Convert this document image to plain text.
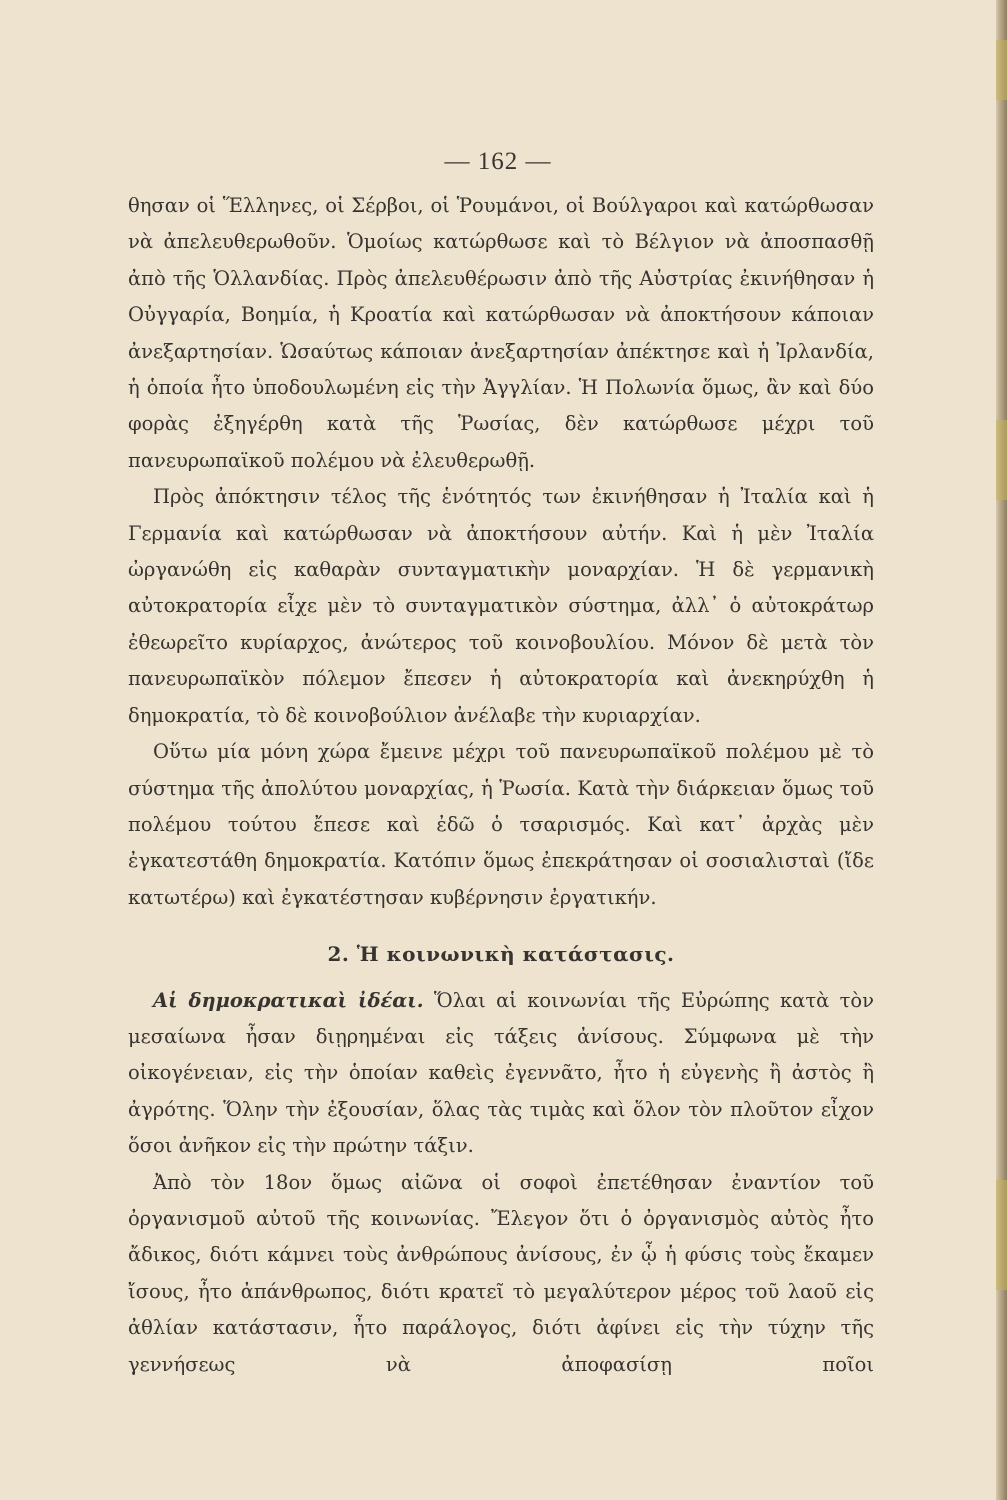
— 162 —

θησαν οἱ Ἕλληνες, οἱ Σέρβοι, οἱ Ῥουμάνοι, οἱ Βούλγαροι καὶ κατώρθωσαν νὰ ἀπελευθερωθοῦν. Ὁμοίως κατώρθωσε καὶ τὸ Βέλγιον νὰ ἀποσπασθῇ ἀπὸ τῆς Ὁλλανδίας. Πρὸς ἀπελευθέρωσιν ἀπὸ τῆς Αὐστρίας ἐκινήθησαν ἡ Οὐγγαρία, Βοημία, ἡ Κροατία καὶ κατώρθωσαν νὰ ἀποκτήσουν κάποιαν ἀνεξαρτησίαν. Ὡσαύτως κάποιαν ἀνεξαρτησίαν ἀπέκτησε καὶ ἡ Ἰρλανδία, ἡ ὁποία ἦτο ὑποδουλωμένη εἰς τὴν Ἀγγλίαν. Ἡ Πολωνία ὅμως, ἂν καὶ δύο φορὰς ἐξηγέρθη κατὰ τῆς Ῥωσίας, δὲν κατώρθωσε μέχρι τοῦ πανευρωπαϊκοῦ πολέμου νὰ ἐλευθερωθῇ.

Πρὸς ἀπόκτησιν τέλος τῆς ἑνότητός των ἐκινήθησαν ἡ Ἰταλία καὶ ἡ Γερμανία καὶ κατώρθωσαν νὰ ἀποκτήσουν αὐτήν. Καὶ ἡ μὲν Ἰταλία ὠργανώθη εἰς καθαρὰν συνταγματικὴν μοναρχίαν. Ἡ δὲ γερμανικὴ αὐτοκρατορία εἶχε μὲν τὸ συνταγματικὸν σύστημα, ἀλλ᾽ ὁ αὐτοκράτωρ ἐθεωρεῖτο κυρίαρχος, ἀνώτερος τοῦ κοινοβουλίου. Μόνον δὲ μετὰ τὸν πανευρωπαϊκὸν πόλεμον ἔπεσεν ἡ αὐτοκρατορία καὶ ἀνεκηρύχθη ἡ δημοκρατία, τὸ δὲ κοινοβούλιον ἀνέλαβε τὴν κυριαρχίαν.

Οὕτω μία μόνη χώρα ἔμεινε μέχρι τοῦ πανευρωπαϊκοῦ πολέμου μὲ τὸ σύστημα τῆς ἀπολύτου μοναρχίας, ἡ Ῥωσία. Κατὰ τὴν διάρκειαν ὅμως τοῦ πολέμου τούτου ἔπεσε καὶ ἐδῶ ὁ τσαρισμός. Καὶ κατ᾽ ἀρχὰς μὲν ἐγκατεστάθη δημοκρατία. Κατόπιν ὅμως ἐπεκράτησαν οἱ σοσιαλισταὶ (ἴδε κατωτέρω) καὶ ἐγκατέστησαν κυβέρνησιν ἐργατικήν.

2. Ἡ κοινωνικὴ κατάστασις.

Αἱ δημοκρατικαὶ ἰδέαι. Ὅλαι αἱ κοινωνίαι τῆς Εὐρώπης κατὰ τὸν μεσαίωνα ἦσαν διῃρημέναι εἰς τάξεις ἀνίσους. Σύμφωνα μὲ τὴν οἰκογένειαν, εἰς τὴν ὁποίαν καθεὶς ἐγεννᾶτο, ἦτο ἡ εὐγενὴς ἢ ἀστὸς ἢ ἀγρότης. Ὅλην τὴν ἐξουσίαν, ὅλας τὰς τιμὰς καὶ ὅλον τὸν πλοῦτον εἶχον ὅσοι ἀνῆκον εἰς τὴν πρώτην τάξιν.

Ἀπὸ τὸν 18ον ὅμως αἰῶνα οἱ σοφοὶ ἐπετέθησαν ἐναντίον τοῦ ὀργανισμοῦ αὐτοῦ τῆς κοινωνίας. Ἔλεγον ὅτι ὁ ὀργανισμὸς αὐτὸς ἦτο ἄδικος, διότι κάμνει τοὺς ἀνθρώπους ἀνίσους, ἐν ᾧ ἡ φύσις τοὺς ἔκαμεν ἴσους, ἦτο ἀπάνθρωπος, διότι κρατεῖ τὸ μεγαλύτερον μέρος τοῦ λαοῦ εἰς ἀθλίαν κατάστασιν, ἦτο παράλογος, διότι ἀφίνει εἰς τὴν τύχην τῆς γεννήσεως νὰ ἀποφασίσῃ ποῖοι
